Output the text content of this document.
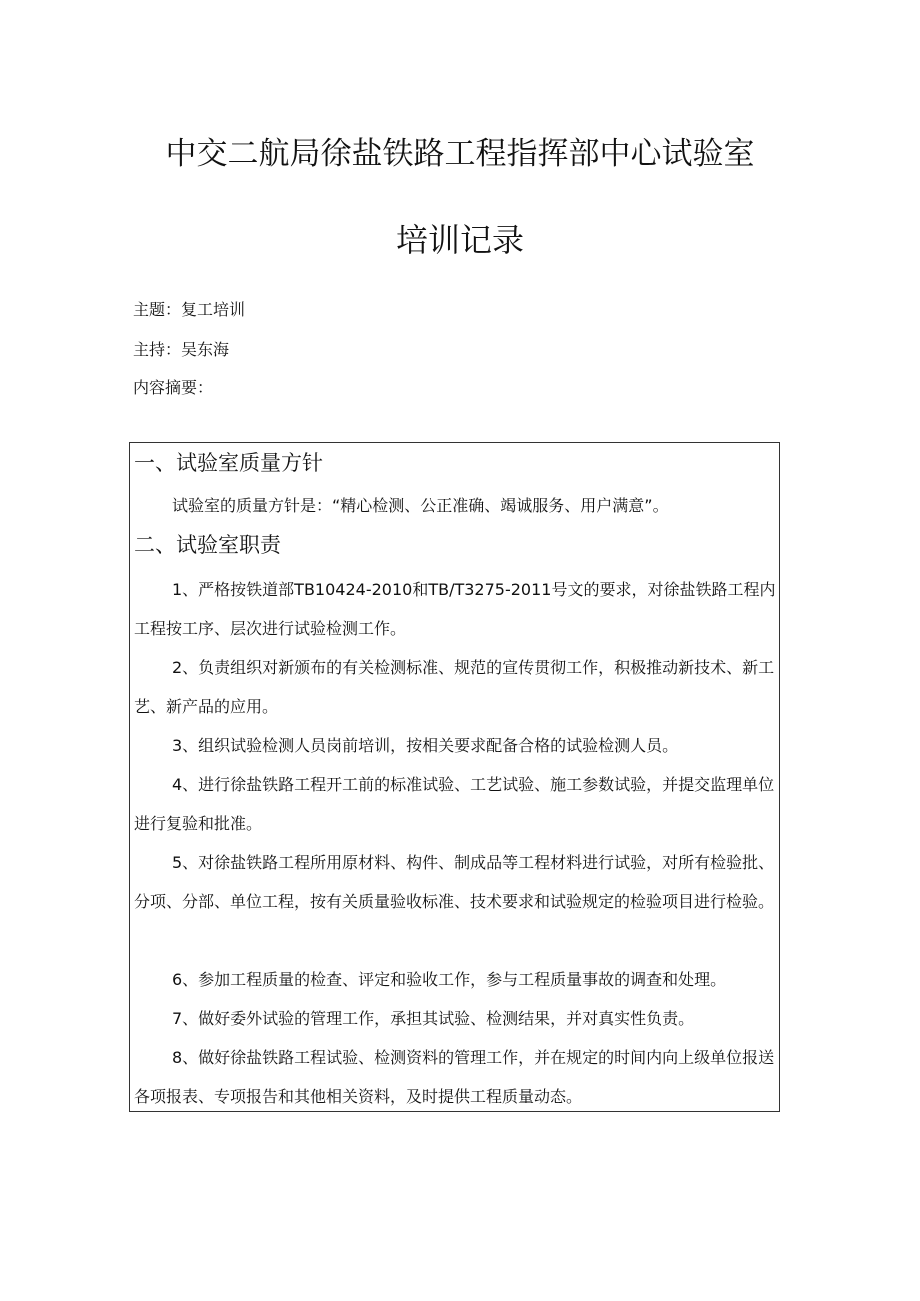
中交二航局徐盐铁路工程指挥部中心试验室
培训记录
主题：复工培训
主持：吴东海
内容摘要：
一、试验室质量方针
试验室的质量方针是：“精心检测、公正准确、竭诚服务、用户满意”。
二、试验室职责
1、严格按铁道部TB10424-2010和TB/T3275-2011号文的要求，对徐盐铁路工程内工程按工序、层次进行试验检测工作。
2、负责组织对新颁布的有关检测标准、规范的宣传贯彻工作，积极推动新技术、新工艺、新产品的应用。
3、组织试验检测人员岗前培训，按相关要求配备合格的试验检测人员。
4、进行徐盐铁路工程开工前的标准试验、工艺试验、施工参数试验，并提交监理单位进行复验和批准。
5、对徐盐铁路工程所用原材料、构件、制成品等工程材料进行试验，对所有检验批、分项、分部、单位工程，按有关质量验收标准、技术要求和试验规定的检验项目进行检验。
6、参加工程质量的检查、评定和验收工作，参与工程质量事故的调查和处理。
7、做好委外试验的管理工作，承担其试验、检测结果，并对真实性负责。
8、做好徐盐铁路工程试验、检测资料的管理工作，并在规定的时间内向上级单位报送各项报表、专项报告和其他相关资料，及时提供工程质量动态。
